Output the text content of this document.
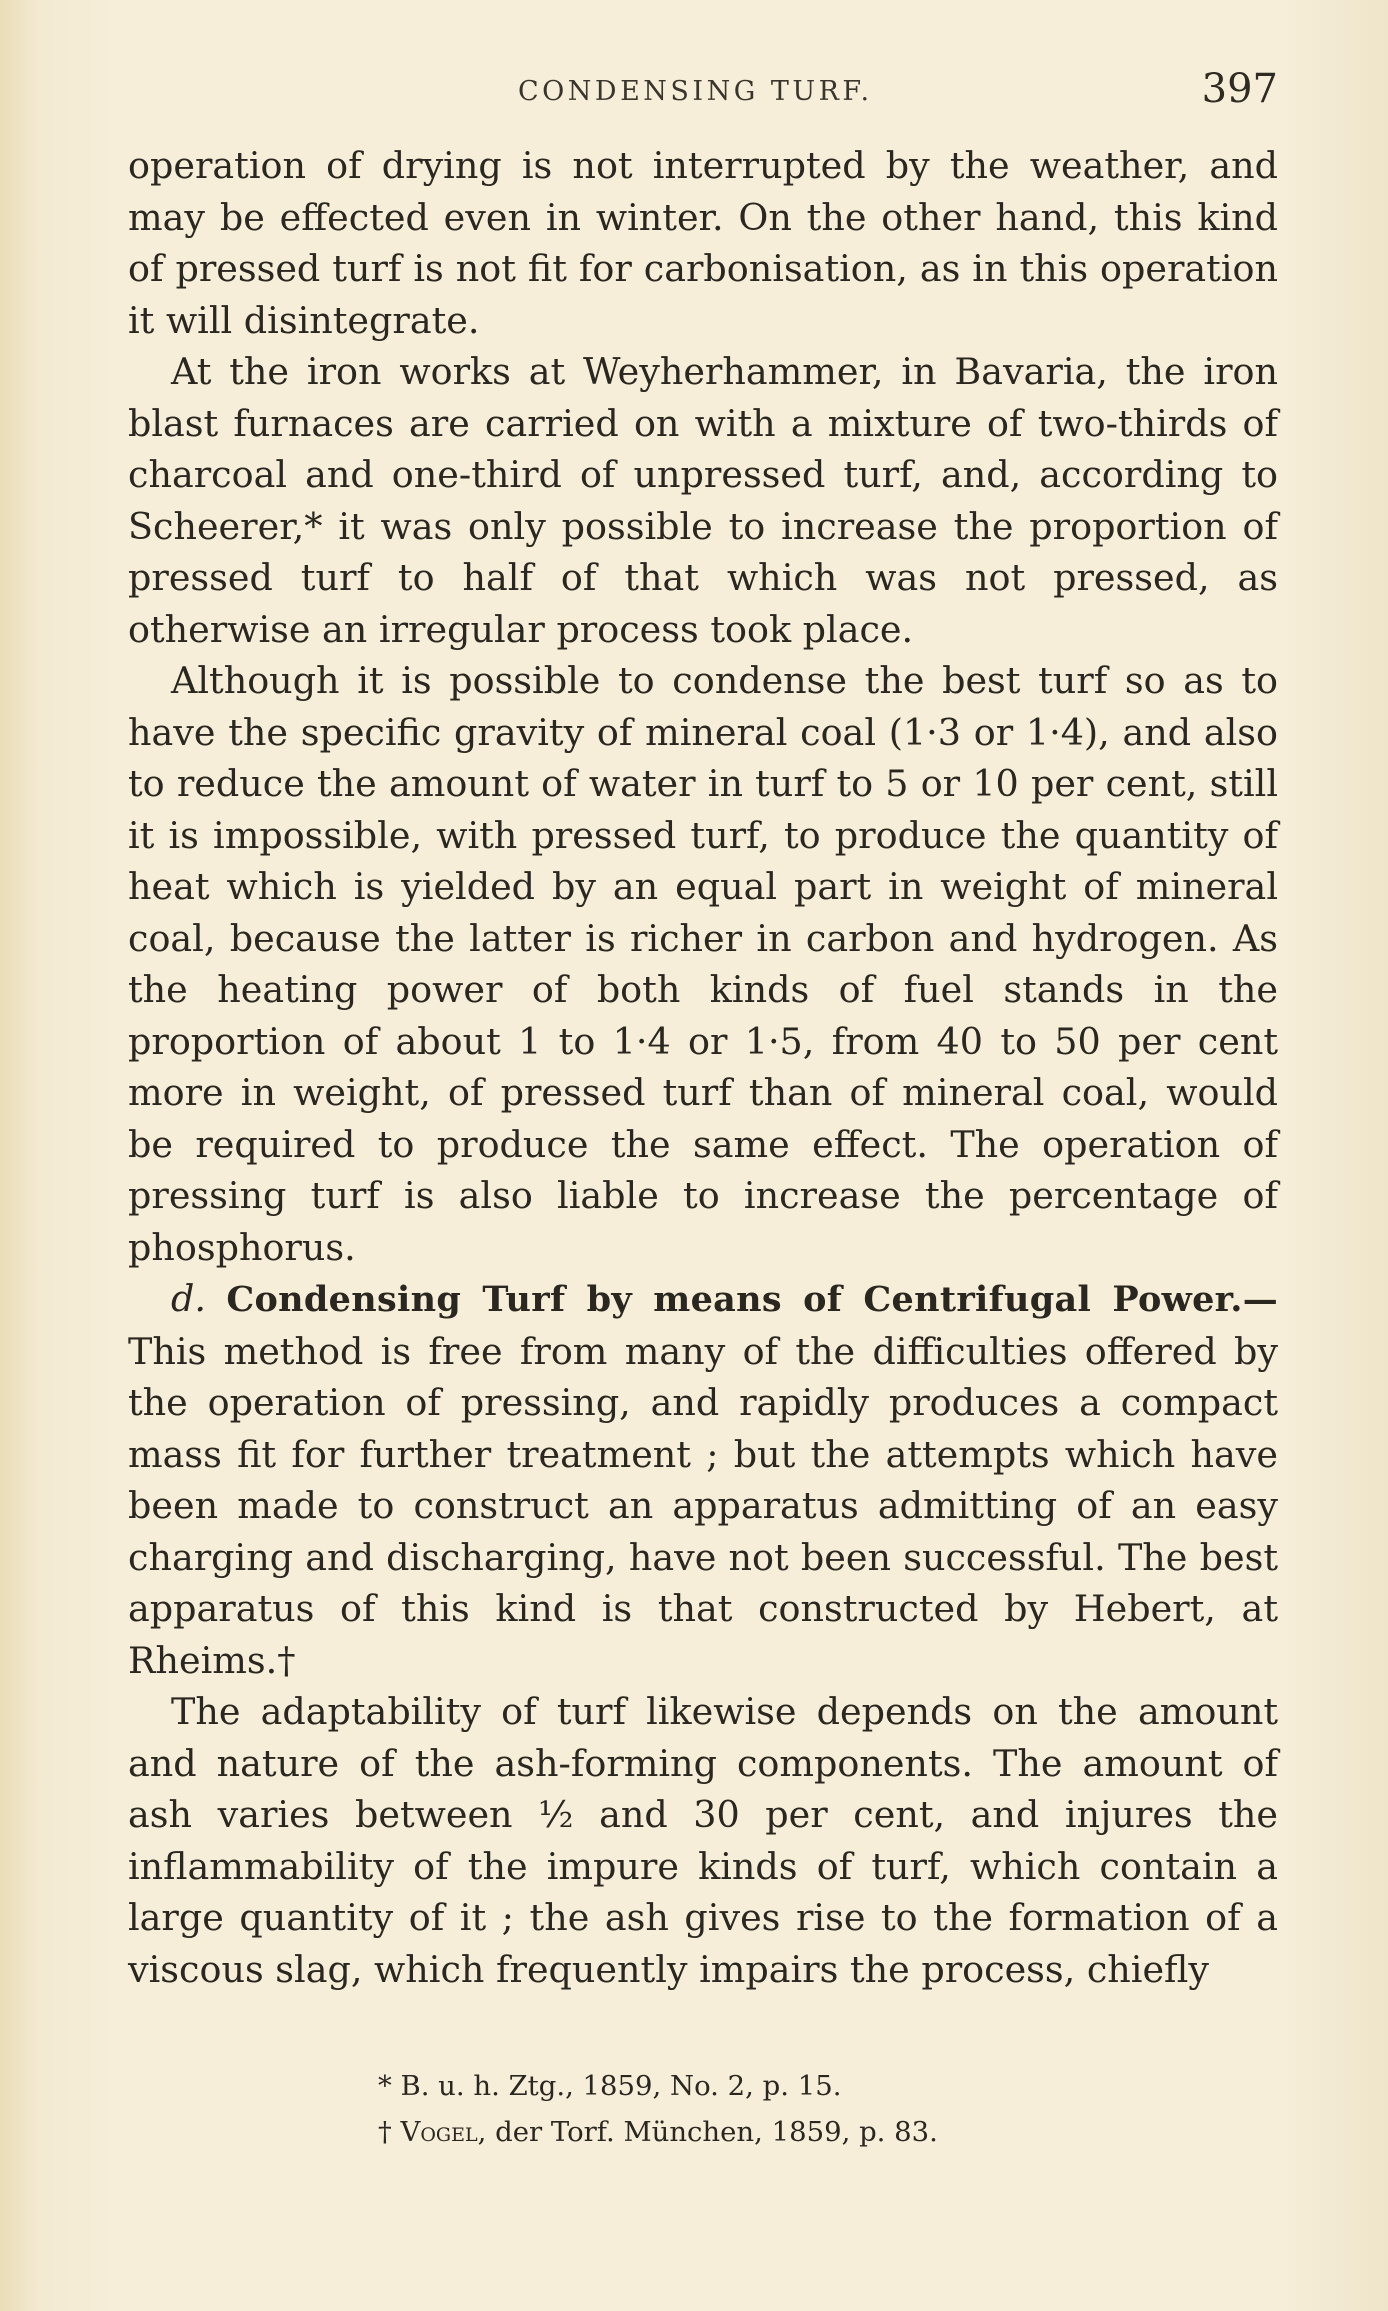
CONDENSING TURF.	397

operation of drying is not interrupted by the weather, and may be effected even in winter. On the other hand, this kind of pressed turf is not fit for carbonisation, as in this operation it will disintegrate.

At the iron works at Weyherhammer, in Bavaria, the iron blast furnaces are carried on with a mixture of two-thirds of charcoal and one-third of unpressed turf, and, according to Scheerer,* it was only possible to increase the proportion of pressed turf to half of that which was not pressed, as otherwise an irregular process took place.

Although it is possible to condense the best turf so as to have the specific gravity of mineral coal (1·3 or 1·4), and also to reduce the amount of water in turf to 5 or 10 per cent, still it is impossible, with pressed turf, to produce the quantity of heat which is yielded by an equal part in weight of mineral coal, because the latter is richer in carbon and hydrogen. As the heating power of both kinds of fuel stands in the proportion of about 1 to 1·4 or 1·5, from 40 to 50 per cent more in weight, of pressed turf than of mineral coal, would be required to produce the same effect. The operation of pressing turf is also liable to increase the percentage of phosphorus.

d. Condensing Turf by means of Centrifugal Power.— This method is free from many of the difficulties offered by the operation of pressing, and rapidly produces a compact mass fit for further treatment ; but the attempts which have been made to construct an apparatus admitting of an easy charging and discharging, have not been successful. The best apparatus of this kind is that constructed by Hebert, at Rheims.†

The adaptability of turf likewise depends on the amount and nature of the ash-forming components. The amount of ash varies between ½ and 30 per cent, and injures the inflammability of the impure kinds of turf, which contain a large quantity of it ; the ash gives rise to the formation of a viscous slag, which frequently impairs the process, chiefly

* B. u. h. Ztg., 1859, No. 2, p. 15.

† Vogel, der Torf. München, 1859, p. 83.
